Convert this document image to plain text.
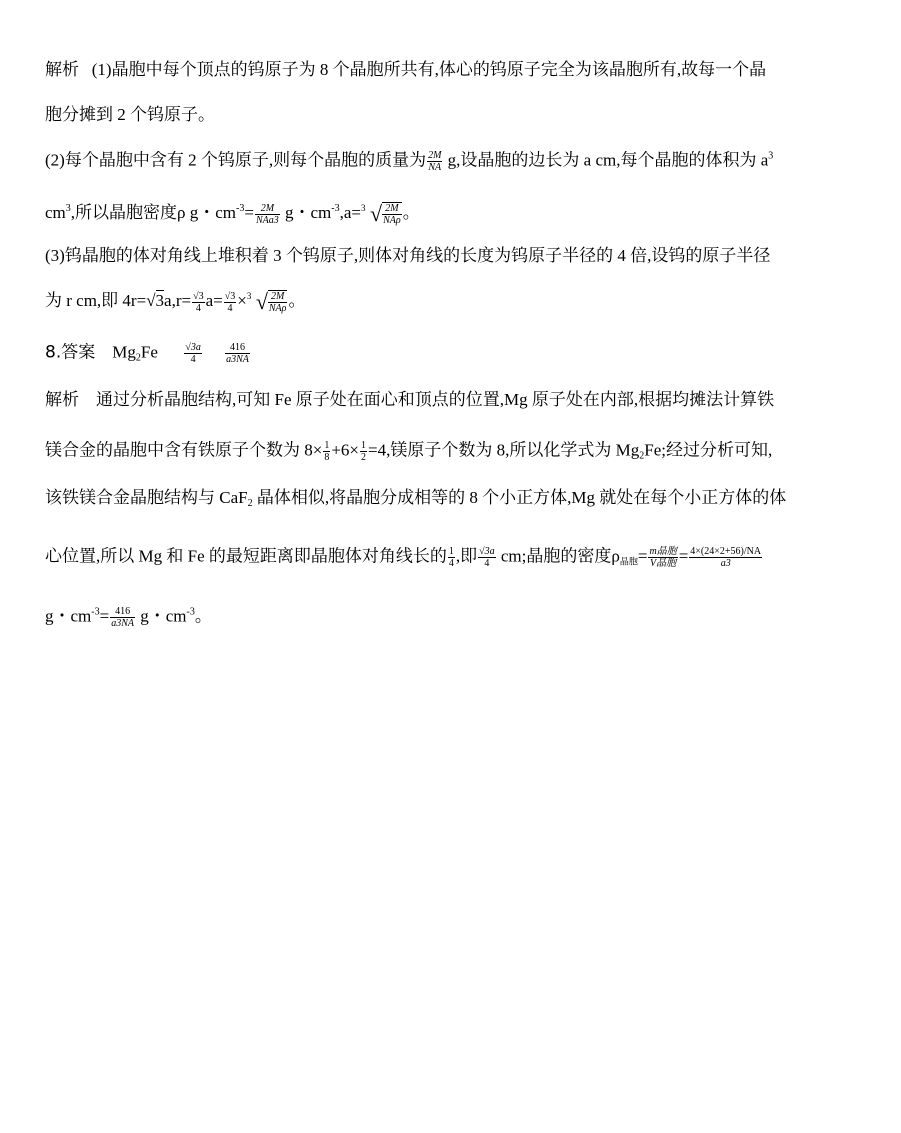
解析 (1)晶胞中每个顶点的钨原子为 8 个晶胞所共有,体心的钨原子完全为该晶胞所有,故每一个晶
胞分摊到 2 个钨原子。
(2)每个晶胞中含有 2 个钨原子,则每个晶胞的质量为 $\frac{2M}{NA} g$,设晶胞的边长为 a cm,每个晶胞的体积为 $a^3$
$cm^3$,所以晶胞密度ρ g・$cm^{-3}= \frac{2M}{\text{NAa3}}$ g・$cm^{-3},a= 3$ √ $\frac{2M}{\text{NAρ}}$ 。
(3)钨晶胞的体对角线上堆积着 3 个钨原子,则体对角线的长度为钨原子半径的 4 倍,设钨的原子半径
为 r cm,即 $4r=√3a,r= \frac{√3}{4} a= \frac{√3}{4} \times 3$ √ $\frac{2M}{\text{NAρ}}$ 。
8.答案 $Mg_2Fe$	$\frac{√3a}{4}$
$\frac{416}{a3NA}$
解析 通过分析晶胞结构,可知 Fe 原子处在面心和顶点的位置,Mg 原子处在内部,根据均摊法计算铁
镁合金的晶胞中含有铁原子个数为 $8\times \frac{1}{8} +6\times \frac{1}{2} =4$,镁原子个数为 8,所以化学式为 $Mg_2Fe$;经过分析可知,
该铁镁合金晶胞结构与 CaF$_2$ 晶体相似,将晶胞分成相等的 8 个小正方体,Mg 就处在每个小正方体的体
心位置,所以 Mg 和 Fe 的最短距离即晶胞体对角线长的 $\frac{1}{4}$ ,即 $\frac{√3a}{4}$ cm;晶胞的密度$\rho_{晶胞}= \frac{\text{m晶胞}}{\text{V晶胞}} = \frac{4\times(24\times 2+56)/NA}{a3}$
g・$cm^{-3}= \frac{416}{a3NA}$ g・$cm^{-3}$。
